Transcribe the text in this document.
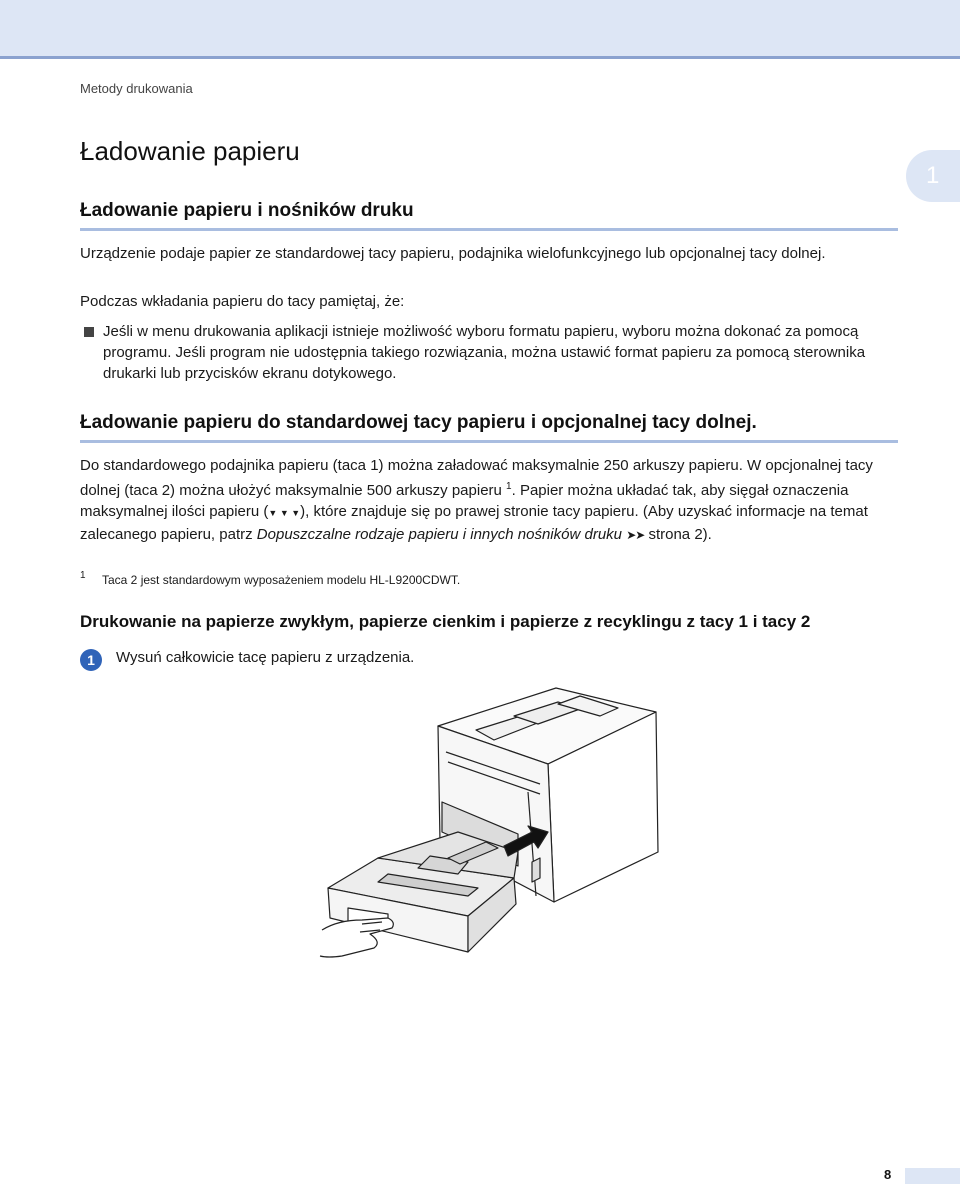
Metody drukowania
Ładowanie papieru
1
Ładowanie papieru i nośników druku

Urządzenie podaje papier ze standardowej tacy papieru, podajnika wielofunkcyjnego lub opcjonalnej tacy dolnej.

Podczas wkładania papieru do tacy pamiętaj, że:

Jeśli w menu drukowania aplikacji istnieje możliwość wyboru formatu papieru, wyboru można dokonać za pomocą programu. Jeśli program nie udostępnia takiego rozwiązania, można ustawić format papieru za pomocą sterownika drukarki lub przycisków ekranu dotykowego.

Ładowanie papieru do standardowej tacy papieru i opcjonalnej tacy dolnej.

Do standardowego podajnika papieru (taca 1) można załadować maksymalnie 250 arkuszy papieru. W opcjonalnej tacy dolnej (taca 2) można ułożyć maksymalnie 500 arkuszy papieru $^1$. Papier można układać tak, aby sięgał oznaczenia maksymalnej ilości papieru (▼ ▼ ▼), które znajduje się po prawej stronie tacy papieru. (Aby uzyskać informacje na temat zalecanego papieru, patrz Dopuszczalne rodzaje papieru i innych nośników druku ➤➤ strona 2).

1 Taca 2 jest standardowym wyposażeniem modelu HL-L9200CDWT.
Drukowanie na papierze zwykłym, papierze cienkim i papierze z recyklingu z tacy 1 i tacy 2
1	Wysuń całkowicie tacę papieru z urządzenia.
8
